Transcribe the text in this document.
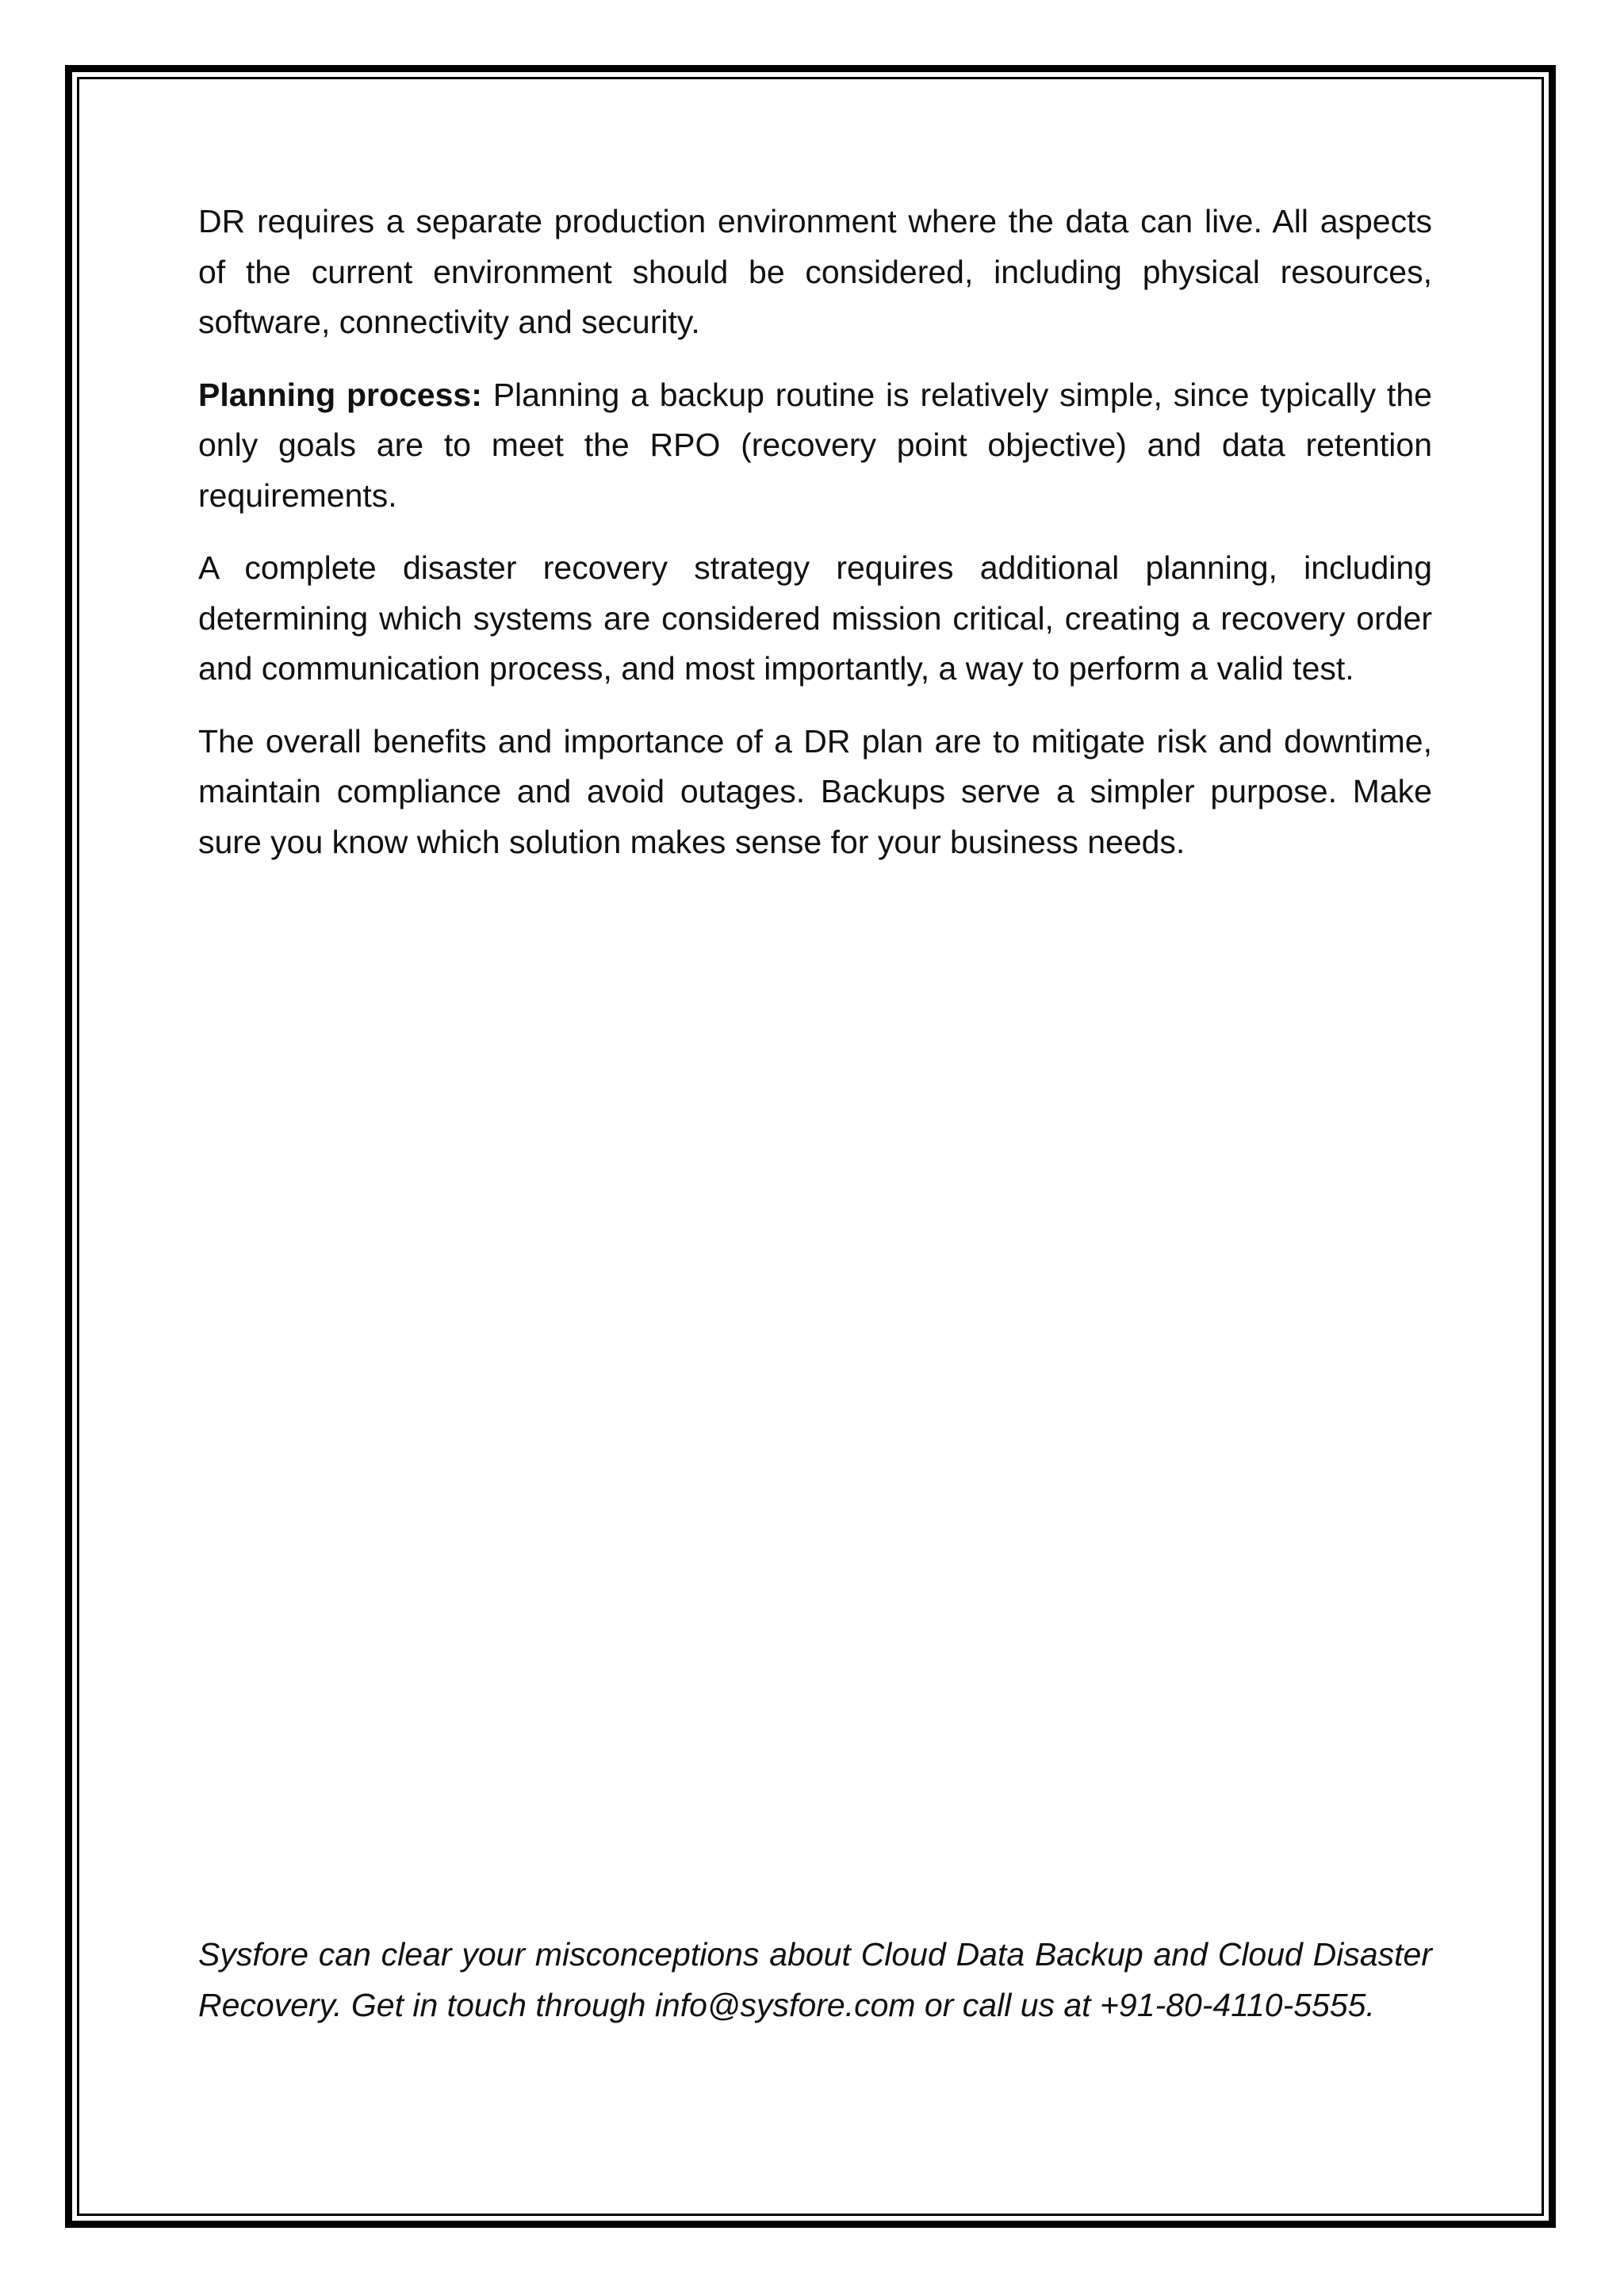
DR requires a separate production environment where the data can live. All aspects of the current environment should be considered, including physical resources, software, connectivity and security.

Planning process: Planning a backup routine is relatively simple, since typically the only goals are to meet the RPO (recovery point objective) and data retention requirements.

A complete disaster recovery strategy requires additional planning, including determining which systems are considered mission critical, creating a recovery order and communication process, and most importantly, a way to perform a valid test.

The overall benefits and importance of a DR plan are to mitigate risk and downtime, maintain compliance and avoid outages. Backups serve a simpler purpose. Make sure you know which solution makes sense for your business needs.

Sysfore can clear your misconceptions about Cloud Data Backup and Cloud Disaster Recovery. Get in touch through info@sysfore.com or call us at +91-80-4110-5555.
